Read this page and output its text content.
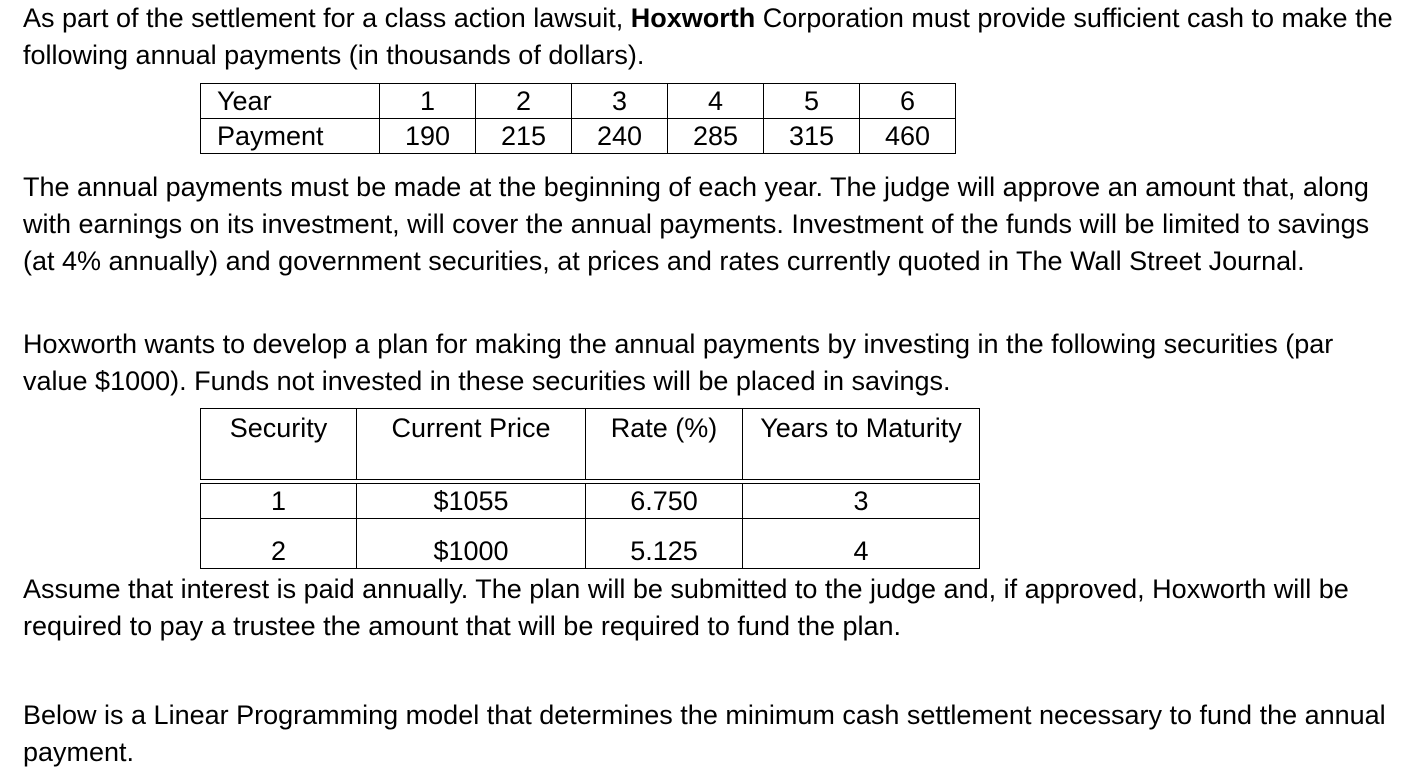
As part of the settlement for a class action lawsuit, Hoxworth Corporation must provide sufficient cash to make the following annual payments (in thousands of dollars).

Year	1	2	3	4	5	6
Payment	190	215	240	285	315	460

The annual payments must be made at the beginning of each year. The judge will approve an amount that, along with earnings on its investment, will cover the annual payments. Investment of the funds will be limited to savings (at 4% annually) and government securities, at prices and rates currently quoted in The Wall Street Journal.

Hoxworth wants to develop a plan for making the annual payments by investing in the following securities (par value $1000). Funds not invested in these securities will be placed in savings.

Security	Current Price	Rate (%)	Years to Maturity

1	$1055	6.750	3
2	$1000	5.125	4

Assume that interest is paid annually. The plan will be submitted to the judge and, if approved, Hoxworth will be required to pay a trustee the amount that will be required to fund the plan.

Below is a Linear Programming model that determines the minimum cash settlement necessary to fund the annual payment.
